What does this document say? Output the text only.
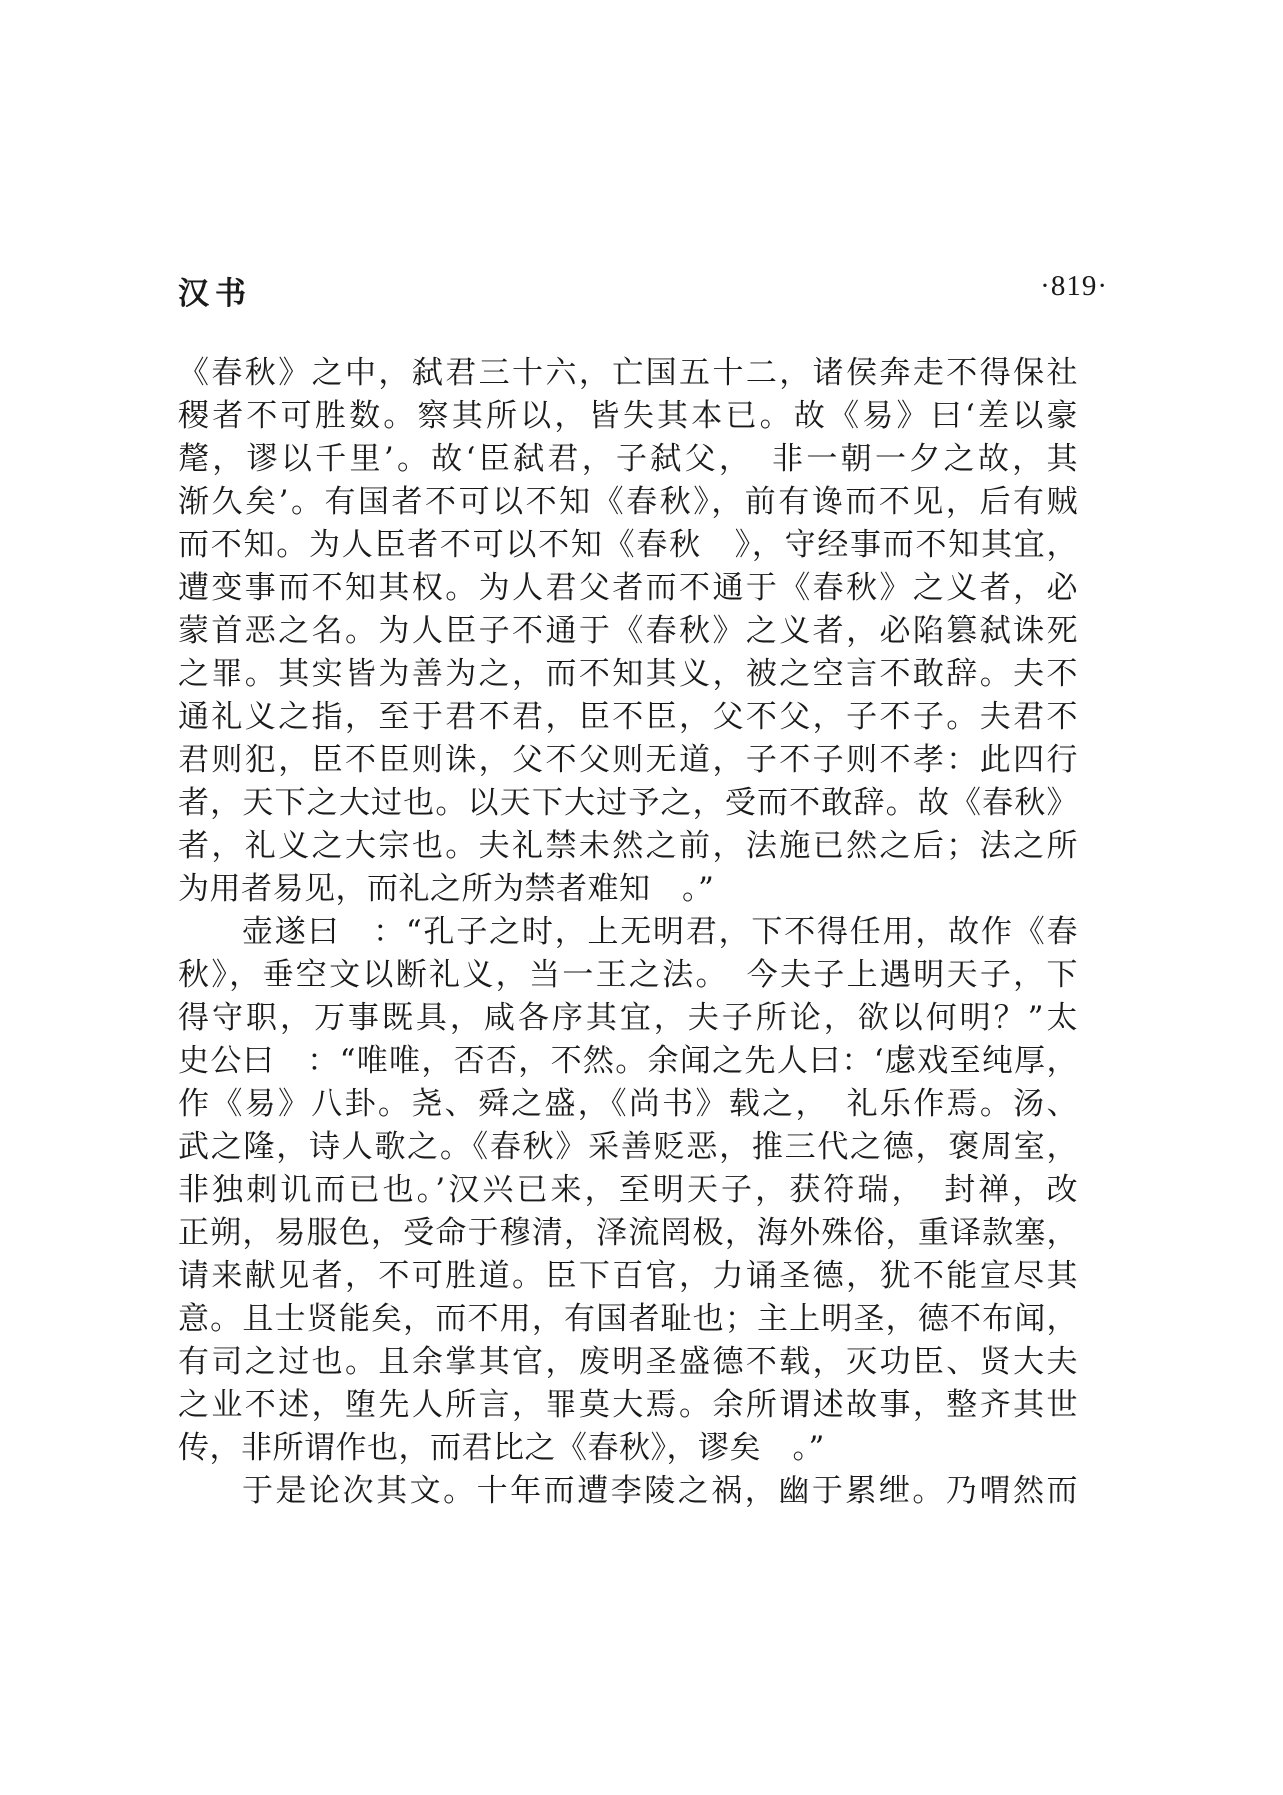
汉书	·819·
《春秋》之中，弑君三十六，亡国五十二，诸侯奔走不得保社
稷者不可胜数。察其所以，皆失其本已。故《易》曰‘差以豪
氂，谬以千里’。故‘臣弑君，子弑父，　非一朝一夕之故，其
渐久矣’。有国者不可以不知《春秋》，前有谗而不见，后有贼
而不知。为人臣者不可以不知《春秋　》，守经事而不知其宜，
遭变事而不知其权。为人君父者而不通于《春秋》之义者，必
蒙首恶之名。为人臣子不通于《春秋》之义者，必陷篡弑诛死
之罪。其实皆为善为之，而不知其义，被之空言不敢辞。夫不
通礼义之指，至于君不君，臣不臣，父不父，子不子。夫君不
君则犯，臣不臣则诛，父不父则无道，子不子则不孝：此四行
者，天下之大过也。以天下大过予之，受而不敢辞。故《春秋》
者，礼义之大宗也。夫礼禁未然之前，法施已然之后；法之所
为用者易见，而礼之所为禁者难知　。”
壶遂曰　：“孔子之时，上无明君，下不得任用，故作《春
秋》，垂空文以断礼义，当一王之法。　今夫子上遇明天子，下
得守职，万事既具，咸各序其宜，夫子所论，欲以何明？”太
史公曰　：“唯唯，否否，不然。余闻之先人曰：‘虙戏至纯厚，
作《易》八卦。尧、舜之盛，《尚书》载之，　礼乐作焉。汤、
武之隆，诗人歌之。《春秋》采善贬恶，推三代之德，褒周室，
非独刺讥而已也。’汉兴已来，至明天子，获符瑞，　封禅，改
正朔，易服色，受命于穆清，泽流罔极，海外殊俗，重译款塞，
请来献见者，不可胜道。臣下百官，力诵圣德，犹不能宣尽其
意。且士贤能矣，而不用，有国者耻也；主上明圣，德不布闻，
有司之过也。且余掌其官，废明圣盛德不载，灭功臣、贤大夫
之业不述，堕先人所言，罪莫大焉。余所谓述故事，整齐其世
传，非所谓作也，而君比之《春秋》，谬矣　。”
于是论次其文。十年而遭李陵之祸，幽于累绁。乃喟然而
